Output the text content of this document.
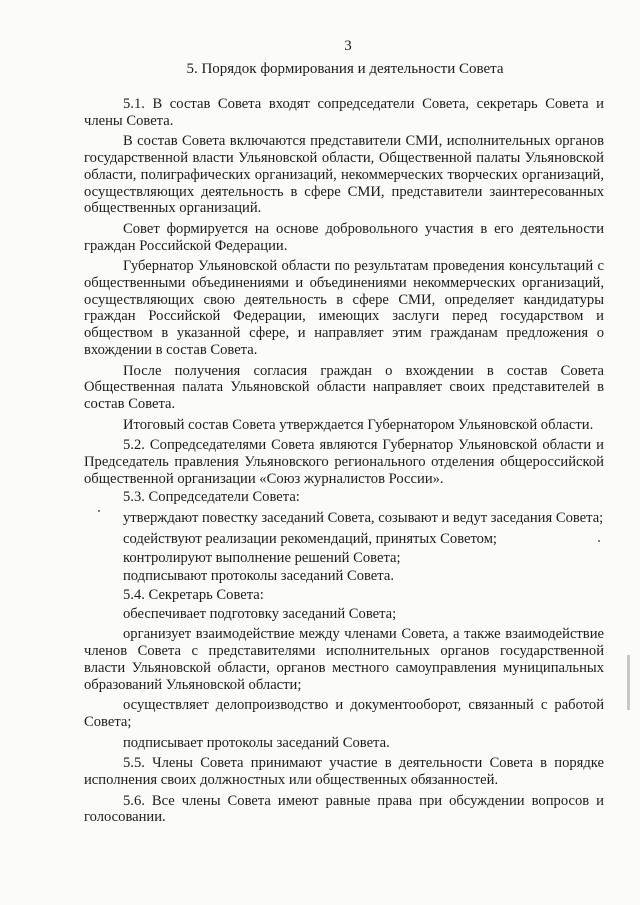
3
5. Порядок формирования и деятельности Совета

5.1. В состав Совета входят сопредседатели Совета, секретарь Совета и члены Совета.

В состав Совета включаются представители СМИ, исполнительных органов государственной власти Ульяновской области, Общественной палаты Ульяновской области, полиграфических организаций, некоммерческих творческих организаций, осуществляющих деятельность в сфере СМИ, представители заинтересованных общественных организаций.

Совет формируется на основе добровольного участия в его деятельности граждан Российской Федерации.

Губернатор Ульяновской области по результатам проведения консультаций с общественными объединениями и объединениями некоммерческих организаций, осуществляющих свою деятельность в сфере СМИ, определяет кандидатуры граждан Российской Федерации, имеющих заслуги перед государством и обществом в указанной сфере, и направляет этим гражданам предложения о вхождении в состав Совета.

После получения согласия граждан о вхождении в состав Совета Общественная палата Ульяновской области направляет своих представителей в состав Совета.

Итоговый состав Совета утверждается Губернатором Ульяновской области.

5.2. Сопредседателями Совета являются Губернатор Ульяновской области и Председатель правления Ульяновского регионального отделения общероссийской общественной организации «Союз журналистов России».

5.3. Сопредседатели Совета:

утверждают повестку заседаний Совета, созывают и ведут заседания Совета;

содействуют реализации рекомендаций, принятых Советом;

контролируют выполнение решений Совета;

подписывают протоколы заседаний Совета.

5.4. Секретарь Совета:

обеспечивает подготовку заседаний Совета;

организует взаимодействие между членами Совета, а также взаимодействие членов Совета с представителями исполнительных органов государственной власти Ульяновской области, органов местного самоуправления муниципальных образований Ульяновской области;

осуществляет делопроизводство и документооборот, связанный с работой Совета;

подписывает протоколы заседаний Совета.

5.5. Члены Совета принимают участие в деятельности Совета в порядке исполнения своих должностных или общественных обязанностей.

5.6. Все члены Совета имеют равные права при обсуждении вопросов и голосовании.
